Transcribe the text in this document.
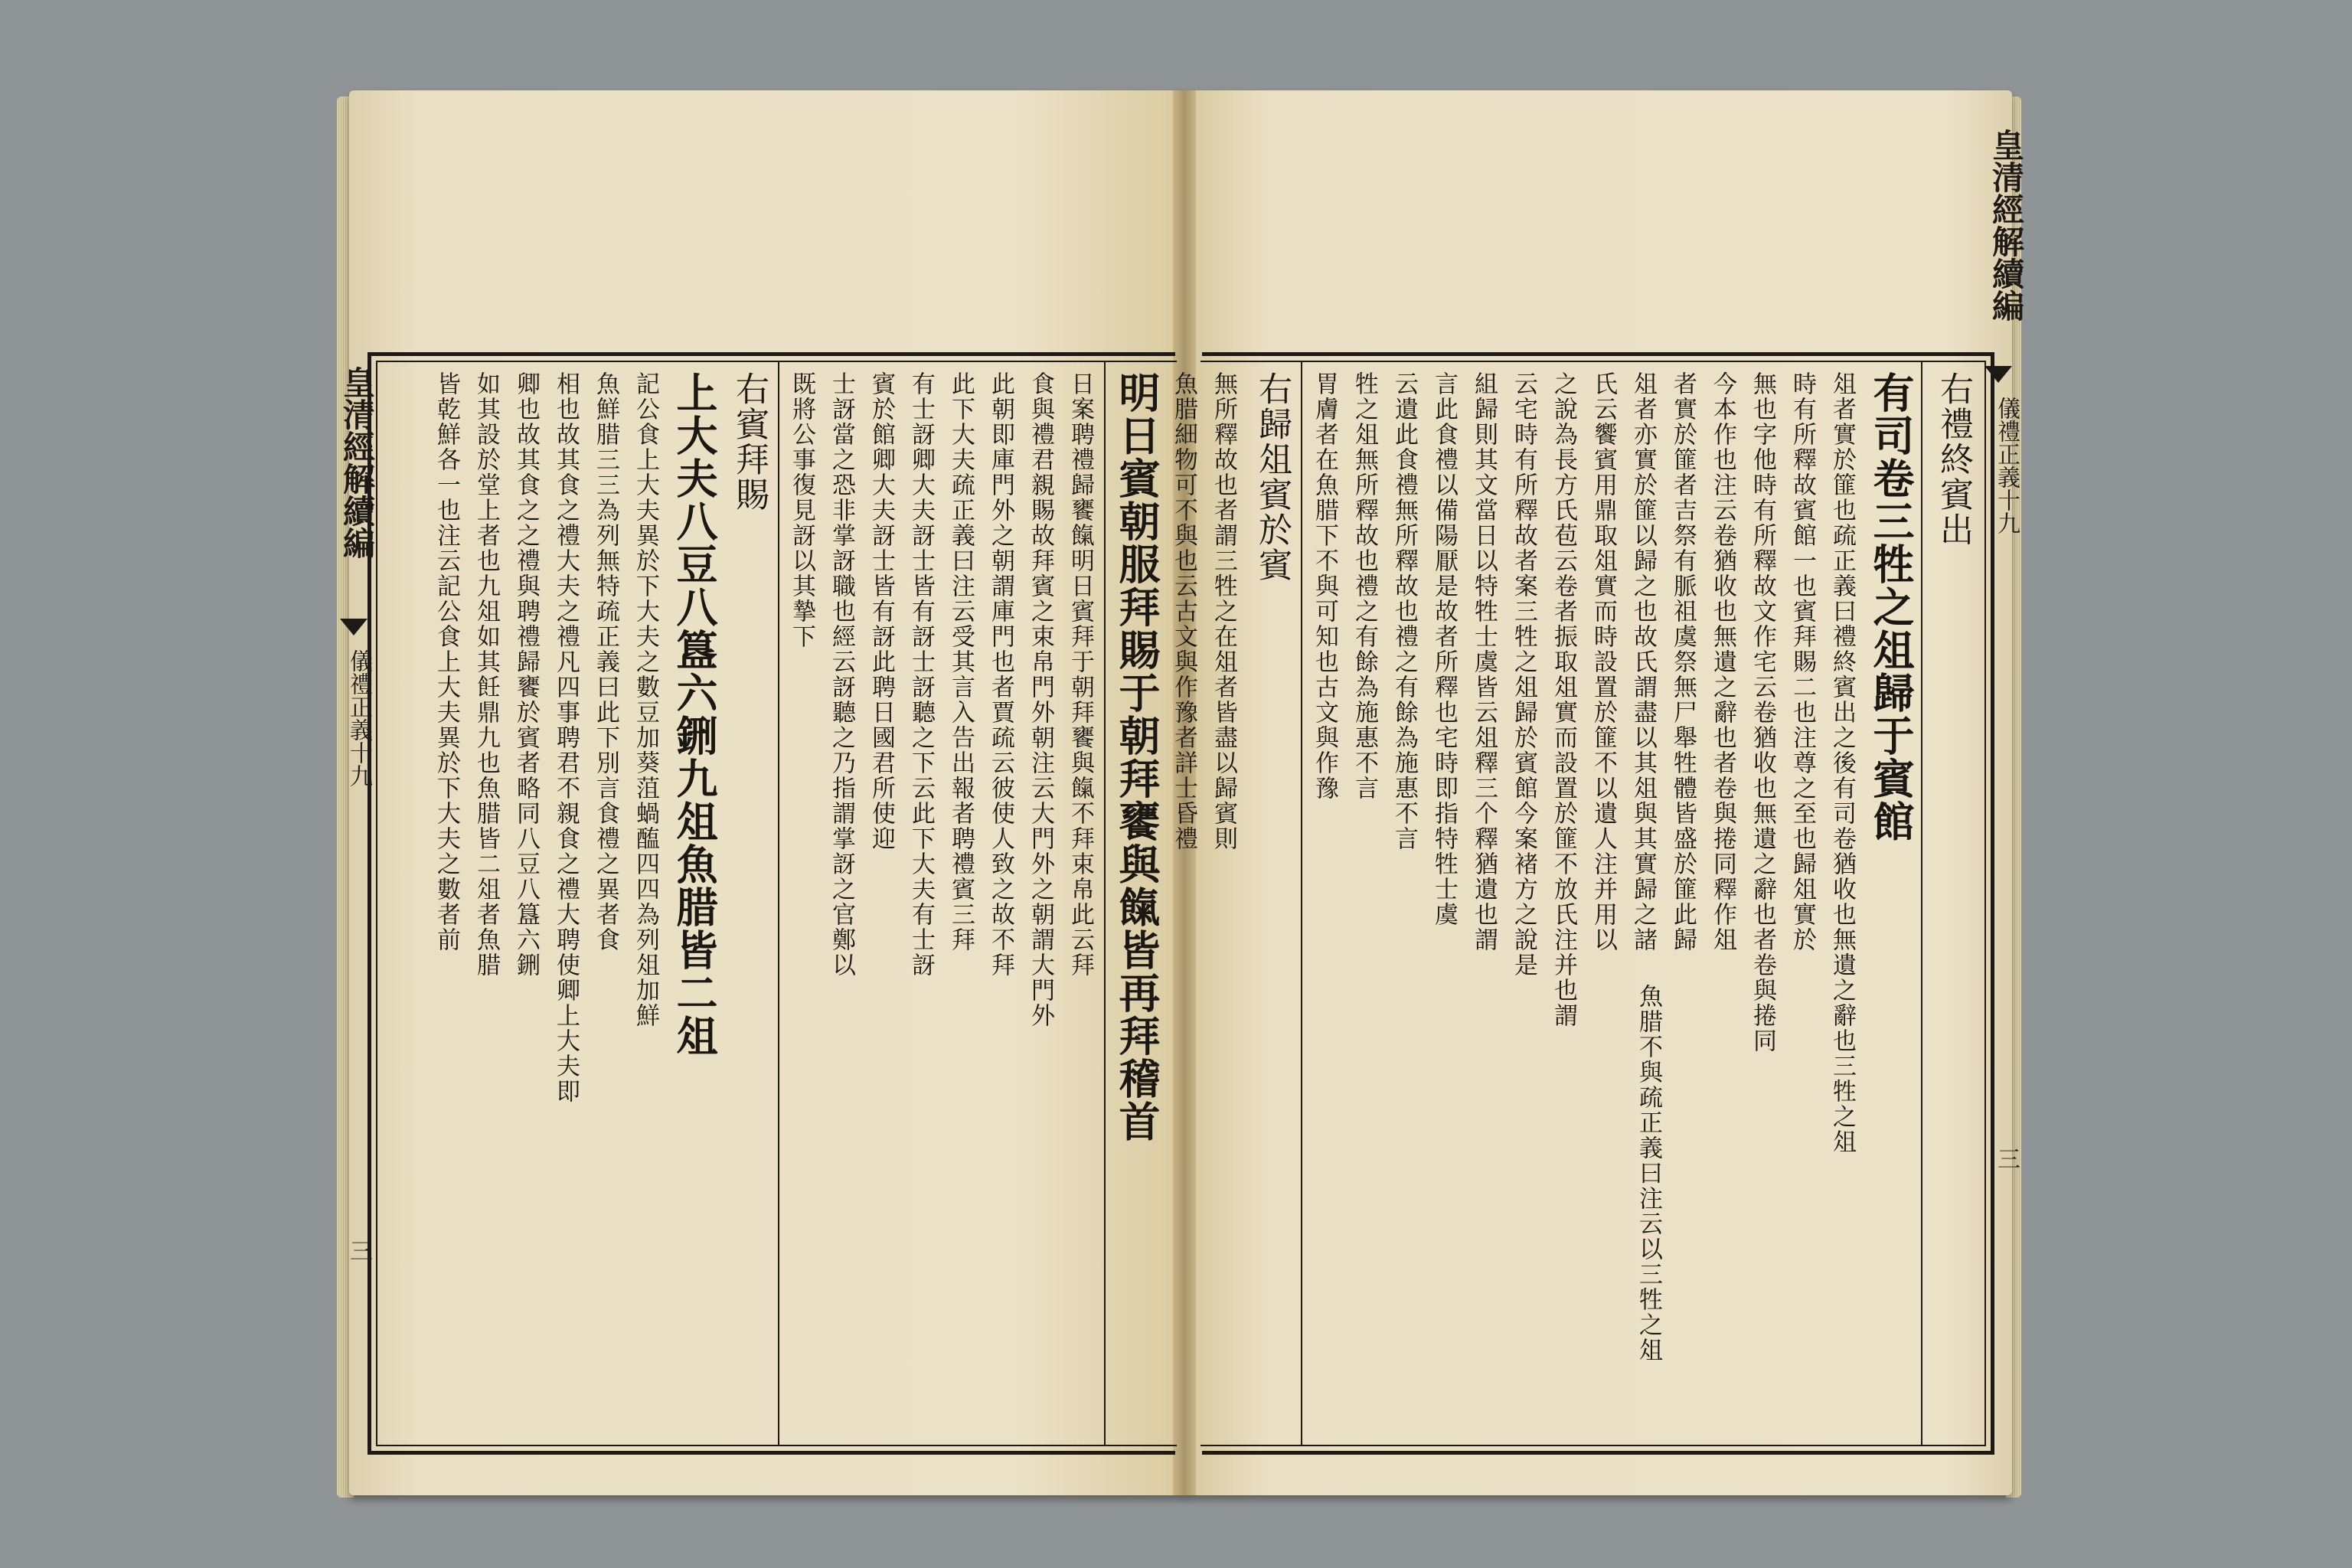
明日賓朝服拜賜于朝拜饔與餼皆再拜稽首
日案聘禮歸饔餼明日賓拜于朝拜饔與餼不拜束帛此云拜
食與禮君親賜故拜賓之束帛門外朝注云大門外之朝謂大門外
此朝即庫門外之朝謂庫門也者賈疏云彼使人致之故不拜
此下大夫疏正義曰注云受其言入告出報者聘禮賓三拜
有士訝卿大夫訝士皆有訝士訝聽之下云此下大夫有士訝
賓於館卿大夫訝士皆有訝此聘日國君所使迎
士訝當之恐非掌訝職也經云訝聽之乃指謂掌訝之官鄭以
既將公事復見訝以其摯下
右賓拜賜
上大夫八豆八簋六鉶九俎魚腊皆二俎
記公食上大夫異於下大夫之數豆加葵菹蝸醢四四為列俎加鮮
魚鮮腊三三為列無特疏正義曰此下別言食禮之異者食
相也故其食之禮大夫之禮凡四事聘君不親食之禮大聘使卿上大夫即
卿也故其食之之禮與聘禮歸饔於賓者略同八豆八簋六鉶
如其設於堂上者也九俎如其飪鼎九也魚腊皆二俎者魚腊
皆乾鮮各一也注云記公食上大夫異於下大夫之數者前
皇清經解續編
儀禮正義十九
三
右禮終賓出
有司卷三牲之俎歸于賓館
俎者實於篚也疏正義曰禮終賓出之後有司卷猶收也無遺之辭也三牲之俎
時有所釋故賓館一也賓拜賜二也注尊之至也歸俎實於
無也字他時有所釋故文作宅云卷猶收也無遺之辭也者卷與捲同
今本作也注云卷猶收也無遺之辭也者卷與捲同釋作俎
者實於篚者吉祭有脈祖虞祭無尸舉牲體皆盛於篚此歸
俎者亦實於篚以歸之也故氏謂盡以其俎與其實歸之諸
氏云饗賓用鼎取俎實而時設置於篚不以遺人注并用以
之說為長方氏苞云卷者振取俎實而設置於篚不放氏注并也謂
云宅時有所釋故者案三牲之俎歸於賓館今案褚方之說是
組歸則其文當日以特牲士虞皆云俎釋三个釋猶遺也謂
言此食禮以備陽厭是故者所釋也宅時即指特牲士虞
云遺此食禮無所釋故也禮之有餘為施惠不言
牲之俎無所釋故也禮之有餘為施惠不言
胃膚者在魚腊下不與可知也古文與作豫
右歸俎賓於賓
無所釋故也者謂三牲之在俎者皆盡以歸賓則
魚腊細物可不與也云古文與作豫者詳士昏禮
魚腊不與疏正義曰注云以三牲之俎
皇清經解續編
儀禮正義十九
三
